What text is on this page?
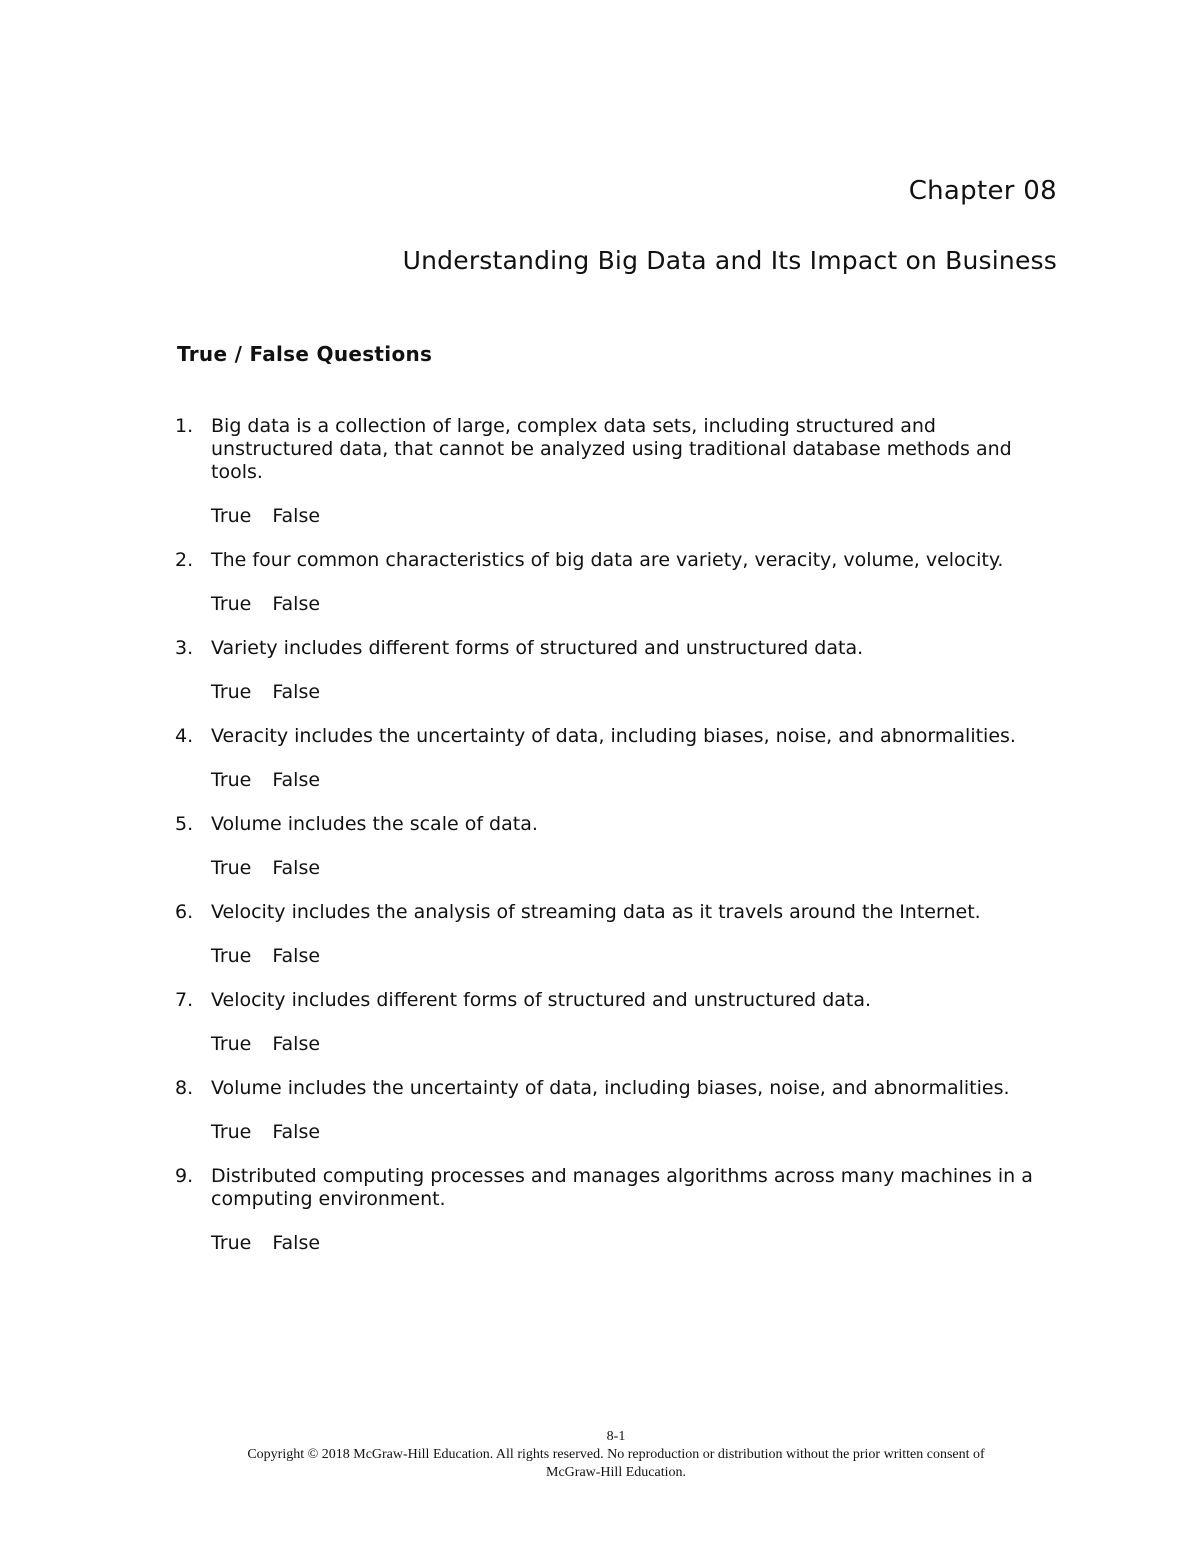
Chapter 08
Understanding Big Data and Its Impact on Business
True / False Questions
1. Big data is a collection of large, complex data sets, including structured and unstructured data, that cannot be analyzed using traditional database methods and tools.
True False
2. The four common characteristics of big data are variety, veracity, volume, velocity.
True False
3. Variety includes different forms of structured and unstructured data.
True False
4. Veracity includes the uncertainty of data, including biases, noise, and abnormalities.
True False
5. Volume includes the scale of data.
True False
6. Velocity includes the analysis of streaming data as it travels around the Internet.
True False
7. Velocity includes different forms of structured and unstructured data.
True False
8. Volume includes the uncertainty of data, including biases, noise, and abnormalities.
True False
9. Distributed computing processes and manages algorithms across many machines in a computing environment.
True False
8-1
Copyright © 2018 McGraw-Hill Education. All rights reserved. No reproduction or distribution without the prior written consent of
McGraw-Hill Education.
